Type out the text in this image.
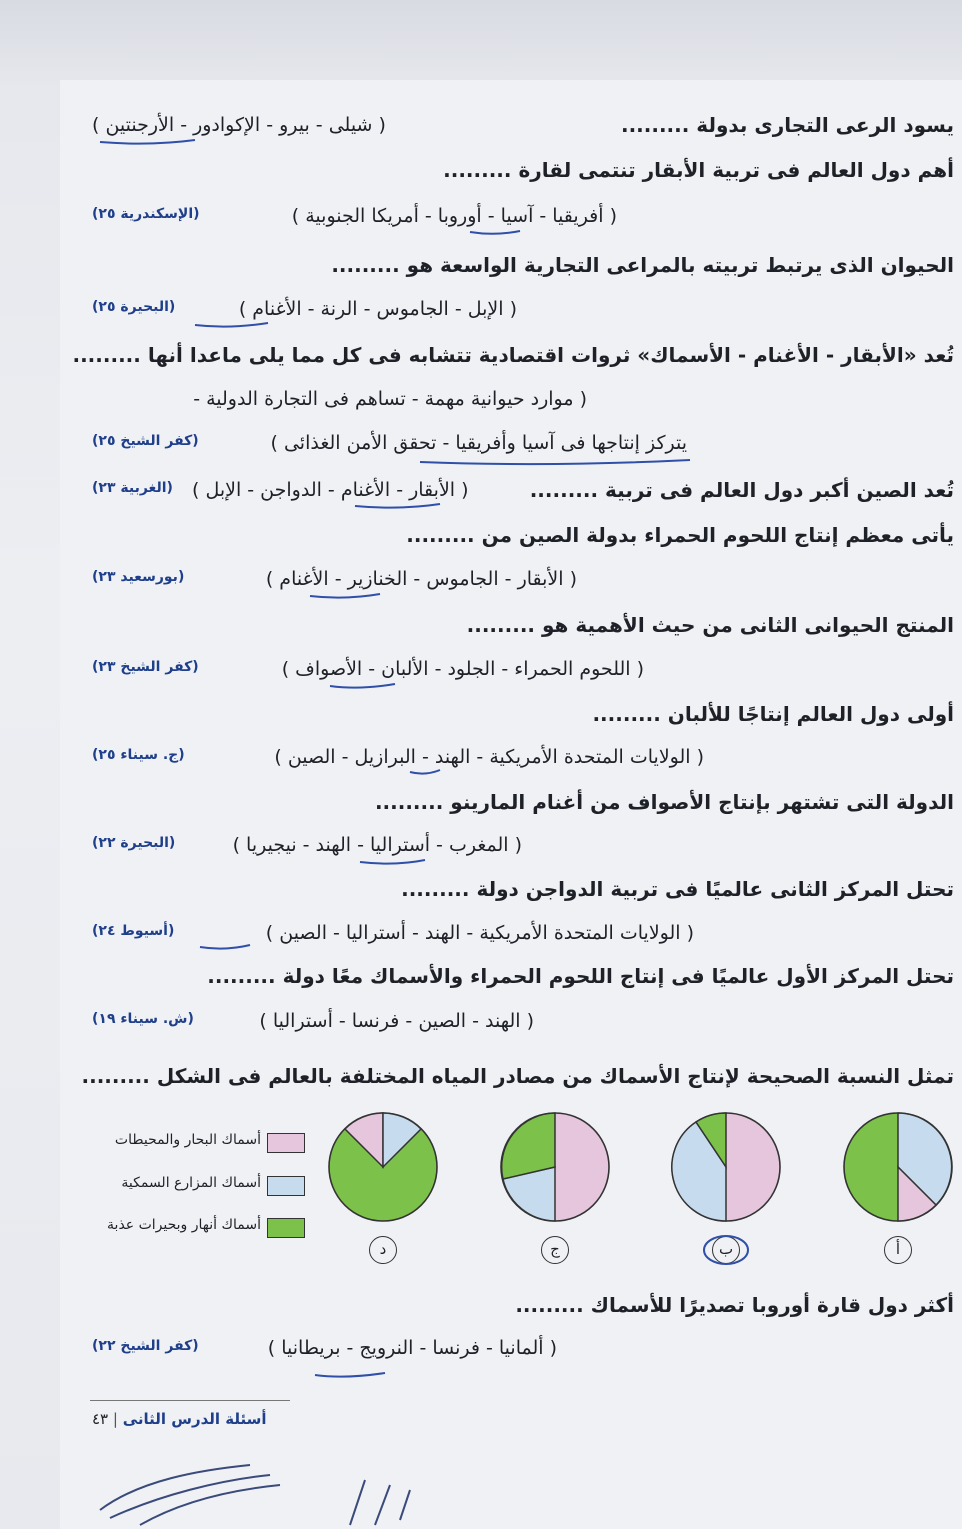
يسود الرعى التجارى بدولة .........
( شيلى - بيرو - الإكوادور - الأرجنتين )
أهم دول العالم فى تربية الأبقار تنتمى لقارة .........
( أفريقيا - آسيا - أوروبا - أمريكا الجنوبية )
(الإسكندرية ٢٥)
الحيوان الذى يرتبط تربيته بالمراعى التجارية الواسعة هو .........
( الإبل - الجاموس - الرنة - الأغنام )
(البحيرة ٢٥)
تُعد «الأبقار - الأغنام - الأسماك» ثروات اقتصادية تتشابه فى كل مما يلى ماعدا أنها .........
( موارد حيوانية مهمة - تساهم فى التجارة الدولية -
يتركز إنتاجها فى آسيا وأفريقيا - تحقق الأمن الغذائى )
(كفر الشيخ ٢٥)
تُعد الصين أكبر دول العالم فى تربية .........
( الأبقار - الأغنام - الدواجن - الإبل )
(الغربية ٢٣)
يأتى معظم إنتاج اللحوم الحمراء بدولة الصين من .........
( الأبقار - الجاموس - الخنازير - الأغنام )
(بورسعيد ٢٣)
المنتج الحيوانى الثانى من حيث الأهمية هو .........
( اللحوم الحمراء - الجلود - الألبان - الأصواف )
(كفر الشيخ ٢٣)
أولى دول العالم إنتاجًا للألبان .........
( الولايات المتحدة الأمريكية - الهند - البرازيل - الصين )
(ج. سيناء ٢٥)
الدولة التى تشتهر بإنتاج الأصواف من أغنام المارينو .........
( المغرب - أستراليا - الهند - نيجيريا )
(البحيرة ٢٢)
تحتل المركز الثانى عالميًا فى تربية الدواجن دولة .........
( الولايات المتحدة الأمريكية - الهند - أستراليا - الصين )
(أسيوط ٢٤)
تحتل المركز الأول عالميًا فى إنتاج اللحوم الحمراء والأسماك معًا دولة .........
( الهند - الصين - فرنسا - أستراليا )
(ش. سيناء ١٩)
تمثل النسبة الصحيحة لإنتاج الأسماك من مصادر المياه المختلفة بالعالم فى الشكل .........
د	ج	ب	أ
أسماك البحار والمحيطات
أسماك المزارع السمكية
أسماك أنهار وبحيرات عذبة
أكثر دول قارة أوروبا تصديرًا للأسماك .........
( ألمانيا - فرنسا - النرويج - بريطانيا )
(كفر الشيخ ٢٢)
أسئلة الدرس الثانى | ٤٣
